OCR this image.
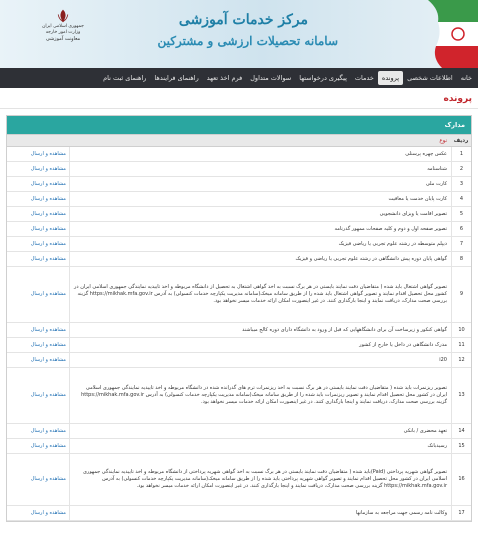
مرکز خدمات آموزشی
سامانه تحصیلات ارزشی و مشترکین
جمهوری اسلامی ایران
وزارت امور خارجه
معاونت آموزشی
خانه
اطلاعات شخصی
پرونده
خدمات
پیگیری درخواستها
سوالات متداول
فرم اخذ تعهد
راهنمای فرایندها
راهنمای ثبت نام
پرونده
مدارک
ردیف
نوع
1
عکس چهره پرسنلی
مشاهده و ارسال
2
شناسنامه
مشاهده و ارسال
3
کارت ملی
مشاهده و ارسال
4
کارت پایان خدمت یا معافیت
مشاهده و ارسال
5
تصویر اقامت یا ویزای دانشجویی
مشاهده و ارسال
6
تصویر صفحه اول و دوم و کلیه صفحات ممهور گذرنامه
مشاهده و ارسال
7
دیپلم متوسطه در رشته علوم تجربی یا ریاضی فیزیک
مشاهده و ارسال
8
گواهی پایان دوره پیش دانشگاهی در رشته علوم تجربی یا ریاضی و فیزیک
مشاهده و ارسال
9
تصویر گواهی اشتغال باید شده ( متقاضیان دقت نمایند بایستی در هر برگ نسبت به اخذ گواهی اشتغال به تحصیل از دانشگاه مربوطه و اخذ تاییدیه نمایندگی جمهوری اسلامی ایران در کشور محل تحصیل اقدام نمایند و تصویر گواهی اشتغال باید شده را از طریق سامانه میخک(سامانه مدیریت یکپارچه خدمات کنسولی) به آدرس https://mikhak.mfa.gov.ir گزینه بررسی صحت مدارک، دریافت نمایند و اینجا بارگذاری کنند. در غیر اینصورت امکان ارائه خدمات میسر نخواهد بود.
مشاهده و ارسال
10
گواهی کنکور و زیرساخت آن برای دانشگاههایی که قبل از ورود به دانشگاه دارای دوره کالج میباشند
مشاهده و ارسال
11
مدرک دانشگاهی در داخل یا خارج از کشور
مشاهده و ارسال
12
i20
مشاهده و ارسال
13
تصویر ریزنمرات باید شده ( متقاضیان دقت نمایند بایستی در هر برگ نسبت به اخذ ریزنمرات ترم های گذرانده شده در دانشگاه مربوطه و اخذ تاییدیه نمایندگی جمهوری اسلامی ایران در کشور محل تحصیل اقدام نمایند و تصویر ریزنمرات باید شده را از طریق سامانه میخک(سامانه مدیریت یکپارچه خدمات کنسولی) به آدرس https://mikhak.mfa.gov.ir گزینه بررسی صحت مدارک، دریافت نمایند و اینجا بارگذاری کنند. در غیر اینصورت امکان ارائه خدمات میسر نخواهد بود.
مشاهده و ارسال
14
تعهد محضری / بانکی
مشاهده و ارسال
15
رسیدبانک
مشاهده و ارسال
16
تصویر گواهی شهریه پرداختی (Paid)باید شده ( متقاضیان دقت نمایند بایستی در هر برگ نسبت به اخذ گواهی شهریه پرداختی از دانشگاه مربوطه و اخذ تاییدیه نمایندگی جمهوری اسلامی ایران در کشور محل تحصیل اقدام نمایند و تصویر گواهی شهریه پرداختی باید شده را از طریق سامانه میخک(سامانه مدیریت یکپارچه خدمات کنسولی) به آدرس https://mikhak.mfa.gov.ir گزینه بررسی صحت مدارک، دریافت نمایند و اینجا بارگذاری کنند. در غیر اینصورت امکان ارائه خدمات میسر نخواهد بود.
مشاهده و ارسال
17
وکالت نامه رسمی جهت مراجعه به سازمانها
مشاهده و ارسال
